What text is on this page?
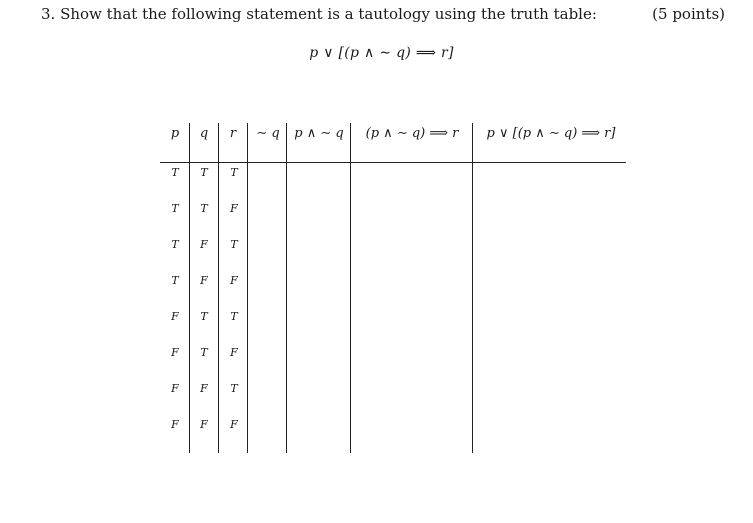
3. Show that the following statement is a tautology using the truth table:	(5 points)
p ∨ [(p ∧ ∼ q) ⟹ r]
p q r	∼ q	p ∧ ∼ q	(p ∧ ∼ q) ⟹ r	p ∨ [(p ∧ ∼ q) ⟹ r]
T	T	T
T	T	F
T	F	T
T	F	F
F	T	T
F	T	F
F	F	T
F	F	F
